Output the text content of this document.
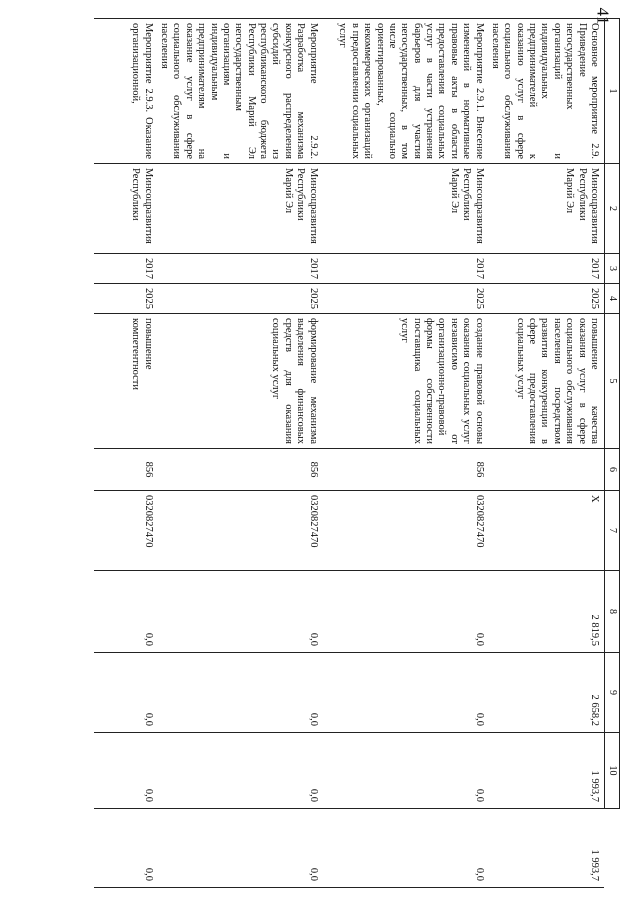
41
1	2	3	4	5	6	7	8	9	10	
Основное мероприятие 2.9. Приведение негосударственных организаций и индивидуальных предпринимателей к оказанию услуг в сфере социального обслуживания населения	Минсоцразвития Республики Марий Эл	2017	2025	повышение качества оказания услуг в сфере социального обслуживания населения посредством развития конкуренции в сфере предоставления социальных услуг		X	2 819,5	2 658,2	1 993,7	1 993,7
Мероприятие 2.9.1. Внесение изменений в нормативные правовые акты в области предоставления социальных услуг в части устранения барьеров для участия негосударственных, в том числе социально ориентированных, некоммерческих организаций в предоставлении социальных услуг	Минсоцразвития Республики Марий Эл	2017	2025	создание правовой основы оказания социальных услуг независимо от организационно-правовой формы собственности поставщика социальных услуг	856	0320827470	0,0	0,0	0,0	0,0
Мероприятие 2.9.2. Разработка механизма конкурсного распределения субсидий из республиканского бюджета Республики Марий Эл негосударственным организациям и индивидуальным предпринимателям на оказание услуг в сфере социального обслуживания населения	Минсоцразвития Республики Марий Эл	2017	2025	формирование механизма выделения финансовых средств для оказания социальных услуг	856	0320827470	0,0	0,0	0,0	0,0
Мероприятие 2.9.3. Оказание организационной,	Минсоцразвития Республики	2017	2025	повышение компетентности	856	0320827470	0,0	0,0	0,0	0,0
